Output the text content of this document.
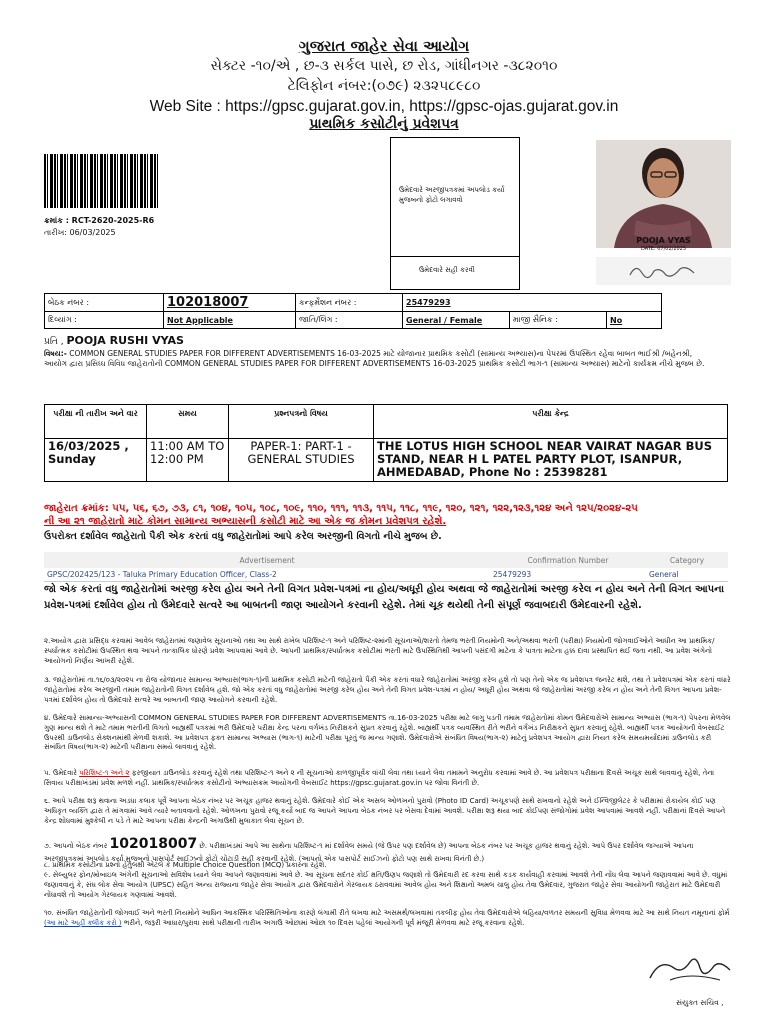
ગુજરાત જાહેર સેવા આયોગ
સેક્ટર -૧૦/એ , છ-૩ સર્કલ પાસે, છ રોડ, ગાંધીનગર -૩૮૨૦૧૦
ટેલિફોન નંબર:(૦૭૯) ૨૩૨૫૮૯૮૦
Web Site : https://gpsc.gujarat.gov.in, https://gpsc-ojas.gujarat.gov.in
પ્રાથમિક કસોટીનું પ્રવેશપત્ર
ક્રમાંક : RCT-2620-2025-R6
તારીખ: 06/03/2025
ઉમેદવારે અરજીપત્રકમાં અપલોડ કર્યા મુજબનો ફોટો લગાવવો
ઉમેદવારે સહી કરવી
POOJA VYAS
DATE: 07/02/2025
બેઠક નંબર :	102018007	કન્ફર્મેશન નંબર :	25479293		
દિવ્યાંગ :	Not Applicable	જાતિ/લિંગ :	General / Female	માજી સૈનિક :	No
પ્રતિ , POOJA RUSHI VYAS
વિષય:- COMMON GENERAL STUDIES PAPER FOR DIFFERENT ADVERTISEMENTS 16-03-2025 માટે યોજાનાર પ્રાથમિક કસોટી (સામાન્ય અભ્યાસ)ના પેપરમાં ઉપસ્થિત રહેવા બાબત ભાઈશ્રી /બહેનશ્રી,
આયોગ દ્વારા પ્રસિધ્ધ વિવિધ જાહેરાતોની COMMON GENERAL STUDIES PAPER FOR DIFFERENT ADVERTISEMENTS 16-03-2025 પ્રાથમિક કસોટી ભાગ-૧ (સામાન્ય અભ્યાસ) માટેનો કાર્યક્રમ નીચે મુજબ છે.
પરીક્ષા ની તારીખ અને વાર	સમય	પ્રશ્નપત્રનો વિષય	પરીક્ષા કેન્દ્ર
16/03/2025 , Sunday	11:00 AM TO 12:00 PM	PAPER-1: PART-1 - GENERAL STUDIES	THE LOTUS HIGH SCHOOL NEAR VAIRAT NAGAR BUS STAND, NEAR H L PATEL PARTY PLOT, ISANPUR, AHMEDABAD, Phone No : 25398281
જાહેરાત ક્રમાંક: ૫૫, ૫૬, ૬૭, ૭૩, ૮૧, ૧૦૪, ૧૦૫, ૧૦૮, ૧૦૯, ૧૧૦, ૧૧૧, ૧૧૩, ૧૧૫, ૧૧૮, ૧૧૯, ૧૨૦, ૧૨૧, ૧૨૨,૧૨૩,૧૨૪ અને ૧૨૫/૨૦૨૪-૨૫
ની આ ૨૧ જાહેરાતો માટે કોમન સામાન્ય અભ્યાસની કસોટી માટે આ એક જ કોમન પ્રવેશપત્ર રહેશે.
ઉપરોક્ત દર્શાવેલ જાહેરાતો પૈકી એક કરતાં વધુ જાહેરાતોમાં આપે કરેલ અરજીની વિગતો નીચે મુજબ છે.
Advertisement	Confirmation Number	Category
GPSC/202425/123 - Taluka Primary Education Officer, Class-2	25479293	General
જો એક કરતાં વધુ જાહેરાતોમાં અરજી કરેલ હોય અને તેની વિગત પ્રવેશ-પત્રમાં ના હોય/અધૂરી હોય અથવા જે જાહેરાતોમાં અરજી કરેલ ન હોય અને તેની વિગત આપના પ્રવેશ-પત્રમાં દર્શાવેલ હોય તો ઉમેદવારે સત્વરે આ બાબતની જાણ આયોગને કરવાની રહેશે. તેમાં ચૂક થયેથી તેની સંપૂર્ણ જવાબદારી ઉમેદવારની રહેશે.
૨.આયોગ દ્વારા પ્રસિદ્ધ કરવામાં આવેલ જાહેરાતમાં જણાવેલ સૂચનાઓ તથા આ સાથે રાખેલ પરિશિષ્ટ-૧ અને પરિશિષ્ટ-૨માંની સૂચનાઓ/શરતો તેમજ ભરતી નિયમોની અને/અથવા ભરતી (પરીક્ષા) નિયમોની જોગવાઈઓને આધીન આ પ્રાથમિક/સ્પર્ધાત્મક કસોટીમાં ઉપસ્થિત થવા આપને તાત્કાલિક ધોરણે પ્રવેશ આપવામાં આવે છે. આપની પ્રાથમિક/સ્પર્ધાત્મક કસોટીમાં ભરતી માટે ઉપસ્થિતિથી આપની પસંદગી માટેના કે પાત્રતા માટેના હક્ક દાવા પ્રસ્થાપિત થઈ જતા નથી. આ પ્રવેશ અંગેનો આયોગનો નિર્ણય આખરી રહેશે.
૩. જાહેરાતોમાં તા.૧૬/૦૩/૨૦૨૫ ના રોજ યોજાનાર સામાન્ય અભ્યાસ(ભાગ-૧)ની પ્રાથમિક કસોટી માટેની જાહેરાતો પૈકી એક કરતાં વધારે જાહેરાતોમાં અરજી કરેલ હશે તો પણ તેનો એક જ પ્રવેશપત્ર જનરેટ થશે, તથા તે પ્રવેશપત્રમાં એક કરતાં વધારે જાહેરાતોમાં કરેલ અરજીની તમામ જાહેરાતોની વિગત દર્શાવેલ હશે. જો એક કરતાં વધુ જાહેરાતોમાં અરજી કરેલ હોય અને તેની વિગત પ્રવેશ-પત્રમાં ન હોય/ અધૂરી હોય અથવા જે જાહેરાતોમાં અરજી કરેલ ન હોય અને તેની વિગત આપના પ્રવેશ-પત્રમાં દર્શાવેલ હોય તો ઉમેદવારે સત્વરે આ બાબતની જાણ આયોગને કરવાની રહેશે.
૪. ઉમેદવારે સામાન્ય-અભ્યાસની COMMON GENERAL STUDIES PAPER FOR DIFFERENT ADVERTISEMENTS તા.16-03-2025 પરીક્ષા માટે લાગુ પડતી તમામ જાહેરાતોમાં કોમન ઉમેદવારોએ સામાન્ય અભ્યાસ (ભાગ-૧) પેપરના મેળવેલ ગુણ માન્ય થશે તે માટે તમામ ભરતીની વિગતો બાહ્યર્થી પત્રકમાં ભરી ઉમેદવારે પરીક્ષા કેન્દ્ર પરના વર્ગખંડ નિરીક્ષકને સુપ્રત કરવાનું રહેશે. બાહ્યર્થી પત્રક વ્યવસ્થિત રીતે ભરીને વર્ગખંડ નિરીક્ષકને સુપ્રત કરવાનું રહેશે. બાહ્યર્થી પત્રક આયોગની વેબસાઈટ ઉપરથી ડાઉનલોડ સેક્શનમાંથી મેળવી શકાશે. આ પ્રવેશપત્ર ફક્ત સામાન્ય અભ્યાસ (ભાગ-૧) માટેની પરીક્ષા પૂરતું જ માન્ય ગણાશે. ઉમેદવારોએ સંબંધિત વિષય(ભાગ-૨) માટેનું પ્રવેશપત્ર આયોગ દ્વારા નિયત કરેલ સમયમર્યાદામાં ડાઉનલોડ કરી સંબંધિત વિષય(ભાગ-૨) માટેની પરીક્ષાના સમયે લાવવાનું રહેશે.
૫. ઉમેદવારે પરિશિષ્ટ-૧ અને ૨ ફરજીયાત ડાઉનલોડ કરવાનું રહેશે તથા પરિશિષ્ટ-૧ અને ૨ ની સૂચનાઓ કાળજીપૂર્વક વાંચી લેવા તથા ધ્યાને લેવા તમામને અનુરોધ કરવામાં આવે છે. આ પ્રવેશપત્ર પરીક્ષાના દિવસે અચૂક સાથે લાવવાનું રહેશે, તેના સિવાય પરીક્ષાખંડમાં પ્રવેશ મળશે નહીં. પ્રાથમિક/સ્પર્ધાત્મક કસોટીનો અભ્યાસક્રમ આયોગની વેબસાઈટ https://gpsc.gujarat.gov.in પર જોવા વિનંતી છે.
૬. આપે પરીક્ષા શરૂ થવાના અડધા કલાક પૂર્વે આપના બેઠક નંબર પર અચૂક હાજર થવાનું રહેશે. ઉમેદવારે કોઈ એક અસલ ઓળખનો પુરાવો (Photo ID Card) અચૂકપણે સાથે રાખવાનો રહેશે અને ઈન્વિજીલેટર કે પરીક્ષામાં રોકાયેલ કોઈ પણ અધિકૃત વ્યક્તિ દ્વારા તે માંગવામાં આવે ત્યારે બતાવવાનો રહેશે. ઓળખના પુરાવો રજૂ કર્યા બાદ જ આપને આપના બેઠક નંબર પર બેસવા દેવામાં આવશે. પરીક્ષા શરૂ થયા બાદ કોઈપણ સંજોગોમાં પ્રવેશ આપવામાં આવશે નહીં. પરીક્ષાનાં દિવસે આપને કેન્દ્ર શોધવામાં મુશ્કેલી ન પડે તે માટે આપના પરીક્ષા કેન્દ્રની અગાઉથી મુલાકાત લેવા સૂચન છે.
૭. આપનો બેઠક નંબર 102018007 છે. પરીક્ષાખંડમાં આપે આ સાથેના પરિશિષ્ટ-૧ માં દર્શાવેલ સમયે (જે ઉપર પણ દર્શાવેલ છે) આપના બેઠક નંબર પર અચૂક હાજર થવાનું રહેશે. આપે ઉપર દર્શાવેલ જગ્યાએ આપના અરજીપત્રકમાં અપલોડ કર્યા મુજબનો પાસપોર્ટ સાઈઝનો ફોટો ચોંટાડી સહી કરવાની રહેશે. (આપનો એક પાસપોર્ટ સાઈઝનો ફોટો પણ સાથે રાખવા વિનંતી છે.)
૮. પ્રાથમિક કસોટીના પ્રશ્નો હેતુલક્ષી એટલે કે Multiple Choice Question (MCQ) પ્રકારના રહેશે.
૯. સેલ્યુલર ફોન/મોબાઇલ અંગેની સૂચનાઓ સવિશેષ ધ્યાને લેવા આપને જણાવવામાં આવે છે. આ સૂચના સદંતર કોઈ ક્ષતિ/ઉણપ જણાશે તો ઉમેદવારી રદ કરવા સાથે કડક કાર્યવાહી કરવામાં આવશે તેની નોંધ લેવા આપને જણાવવામાં આવે છે. વધુમાં જણાવવાનું કે, સંઘ લોક સેવા આયોગ (UPSC) સહિત અન્ય રાજ્યના જાહેર સેવા આયોગ દ્વારા ઉમેદવારોને ગેરલાયક ઠરાવવામાં આવેલ હોય અને શિક્ષાનો અમલ ચાલુ હોય તેવા ઉમેદવાર, ગુજરાત જાહેર સેવા આયોગની જાહેરાત માટે ઉમેદવારી નોંધાવશે તો આયોગ ગેરલાયક ગણવામાં આવશે.
૧૦. સંબંધિત જાહેરાતોની જોગવાઈ અને ભરતી નિયમોને આધિન આકસ્મિક પરિસ્થિતિઓના કારણે લંગામી રીતે લખવા માટે અસમર્થ/લખવામાં તકલીફ હોય તેવા ઉમેદવારોએ લહિયા/વળતર સમયની સુવિધા મેળવવા માટે આ સાથે નિયત નમૂનાનાં ફોર્મ (આ માટે અહીં ક્લીક કરો ) ભરીને, જરૂરી આધાર/પુરાવા સાથે પરીક્ષાની તારીખ અગાઉ ઓછામાં ઓછા ૧૦ દિવસ પહેલાં આયોગની પૂર્વ મંજૂરી મેળવવા માટે રજૂ કરવાના રહેશે.
સંયુક્ત સચિવ ,
